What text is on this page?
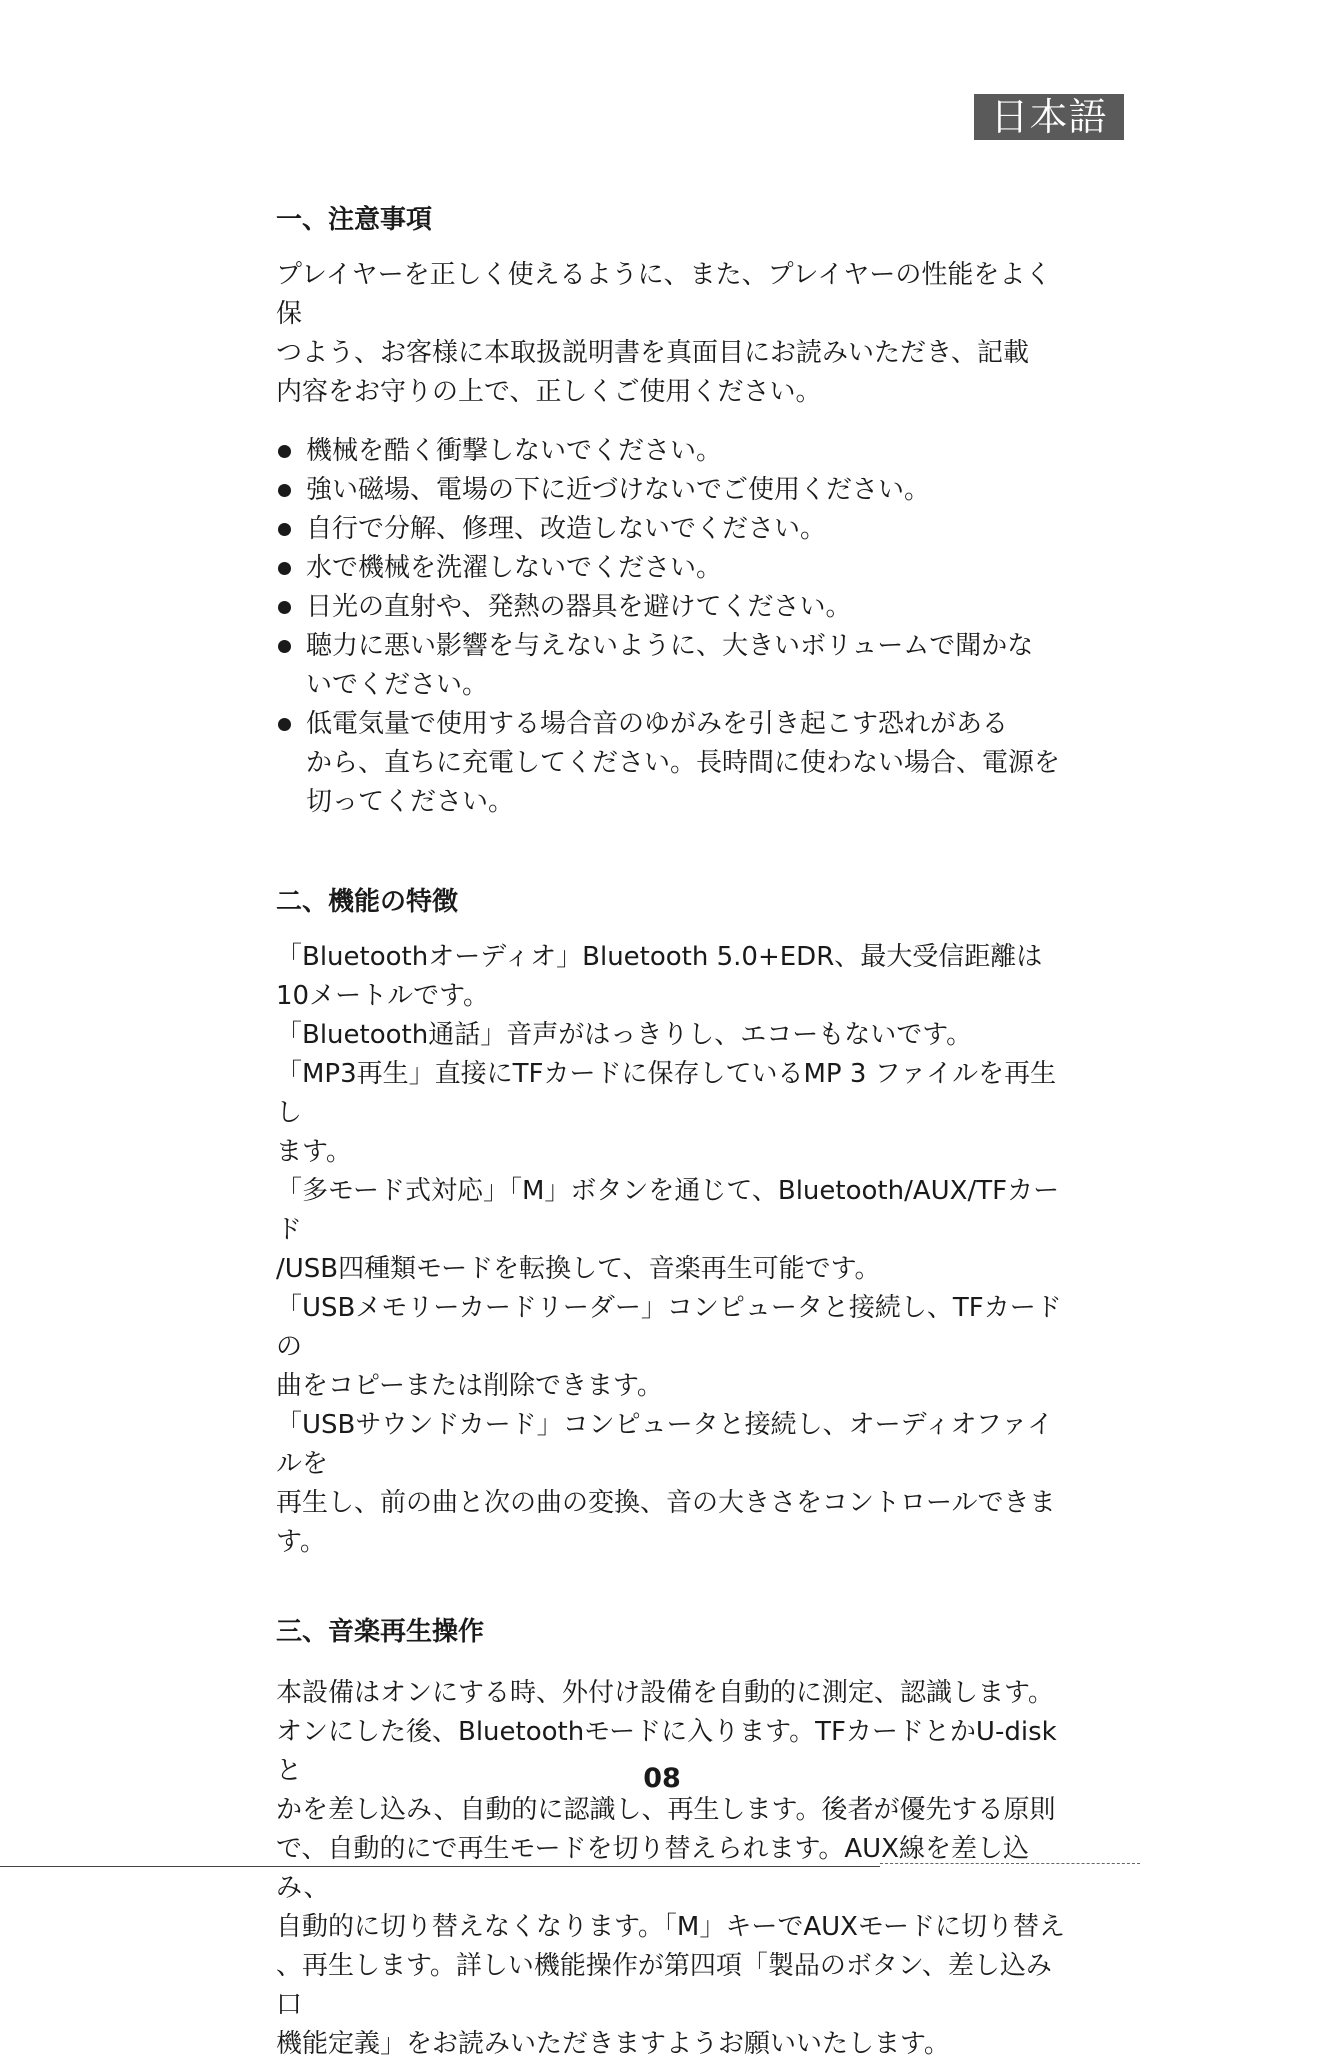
日本語
一、注意事項

プレイヤーを正しく使えるように、また、プレイヤーの性能をよく保
つよう、お客様に本取扱説明書を真面目にお読みいただき、記載
内容をお守りの上で、正しくご使用ください。

機械を酷く衝撃しないでください。
強い磁場、電場の下に近づけないでご使用ください。
自行で分解、修理、改造しないでください。
水で機械を洗濯しないでください。
日光の直射や、発熱の器具を避けてください。
聴力に悪い影響を与えないように、大きいボリュームで聞かな
いでください。
低電気量で使用する場合音のゆがみを引き起こす恐れがある
から、直ちに充電してください。長時間に使わない場合、電源を
切ってください。
二、機能の特徴

「Bluetoothオーディオ」Bluetooth 5.0+EDR、最大受信距離は
10メートルです。

「Bluetooth通話」音声がはっきりし、エコーもないです。

「MP3再生」直接にTFカードに保存しているMP 3 ファイルを再生し
ます。

「多モード式対応」「M」ボタンを通じて、Bluetooth/AUX/TFカード
/USB四種類モードを転換して、音楽再生可能です。

「USBメモリーカードリーダー」コンピュータと接続し、TFカードの
曲をコピーまたは削除できます。

「USBサウンドカード」コンピュータと接続し、オーディオファイルを
再生し、前の曲と次の曲の変換、音の大きさをコントロールできま
す。

三、音楽再生操作

本設備はオンにする時、外付け設備を自動的に測定、認識します。
オンにした後、Bluetoothモードに入ります。TFカードとかU-diskと
かを差し込み、自動的に認識し、再生します。後者が優先する原則
で、自動的にで再生モードを切り替えられます。AUX線を差し込み、
自動的に切り替えなくなります。「M」キーでAUXモードに切り替え
、再生します。詳しい機能操作が第四項「製品のボタン、差し込み口
機能定義」をお読みいただきますようお願いいたします。

08
